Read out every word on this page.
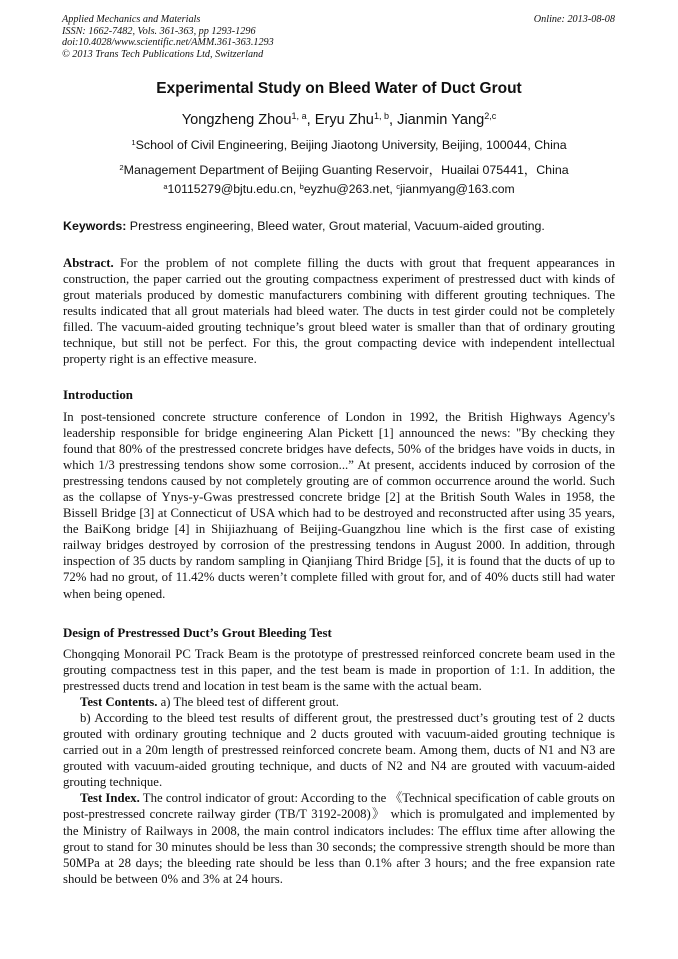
Applied Mechanics and Materials
ISSN: 1662-7482, Vols. 361-363, pp 1293-1296
doi:10.4028/www.scientific.net/AMM.361-363.1293
© 2013 Trans Tech Publications Ltd, Switzerland
Online: 2013-08-08
Experimental Study on Bleed Water of Duct Grout
Yongzheng Zhou$^{1, a}$, Eryu Zhu$^{1, b}$, Jianmin Yang$^{2,c}$
$^1$School of Civil Engineering, Beijing Jiaotong University, Beijing, 100044, China
$^2$Management Department of Beijing Guanting Reservoir，Huailai 075441，China
$^a$10115279@bjtu.edu.cn, $^b$eyzhu@263.net, $^c$jianmyang@163.com
Keywords: Prestress engineering, Bleed water, Grout material, Vacuum-aided grouting.

Abstract. For the problem of not complete filling the ducts with grout that frequent appearances in construction, the paper carried out the grouting compactness experiment of prestressed duct with kinds of grout materials produced by domestic manufacturers combining with different grouting techniques. The results indicated that all grout materials had bleed water. The ducts in test girder could not be completely filled. The vacuum-aided grouting technique’s grout bleed water is smaller than that of ordinary grouting technique, but still not be perfect. For this, the grout compacting device with independent intellectual property right is an effective measure.

Introduction

In post-tensioned concrete structure conference of London in 1992, the British Highways Agency's leadership responsible for bridge engineering Alan Pickett [1] announced the news: "By checking they found that 80% of the prestressed concrete bridges have defects, 50% of the bridges have voids in ducts, in which 1/3 prestressing tendons show some corrosion...” At present, accidents induced by corrosion of the prestressing tendons caused by not completely grouting are of common occurrence around the world. Such as the collapse of Ynys-y-Gwas prestressed concrete bridge [2] at the British South Wales in 1958, the Bissell Bridge [3] at Connecticut of USA which had to be destroyed and reconstructed after using 35 years, the BaiKong bridge [4] in Shijiazhuang of Beijing-Guangzhou line which is the first case of existing railway bridges destroyed by corrosion of the prestressing tendons in August 2000. In addition, through inspection of 35 ducts by random sampling in Qianjiang Third Bridge [5], it is found that the ducts of up to 72% had no grout, of 11.42% ducts weren’t complete filled with grout for, and of 40% ducts still had water when being opened.

Design of Prestressed Duct’s Grout Bleeding Test

Chongqing Monorail PC Track Beam is the prototype of prestressed reinforced concrete beam used in the grouting compactness test in this paper, and the test beam is made in proportion of 1:1. In addition, the prestressed ducts trend and location in test beam is the same with the actual beam.

Test Contents. a) The bleed test of different grout.

b) According to the bleed test results of different grout, the prestressed duct’s grouting test of 2 ducts grouted with ordinary grouting technique and 2 ducts grouted with vacuum-aided grouting technique is carried out in a 20m length of prestressed reinforced concrete beam. Among them, ducts of N1 and N3 are grouted with vacuum-aided grouting technique, and ducts of N2 and N4 are grouted with vacuum-aided grouting technique.

Test Index. The control indicator of grout: According to the 《Technical specification of cable grouts on post-prestressed concrete railway girder (TB/T 3192-2008)》 which is promulgated and implemented by the Ministry of Railways in 2008, the main control indicators includes: The efflux time after allowing the grout to stand for 30 minutes should be less than 30 seconds; the compressive strength should be more than 50MPa at 28 days; the bleeding rate should be less than 0.1% after 3 hours; and the free expansion rate should be between 0% and 3% at 24 hours.
